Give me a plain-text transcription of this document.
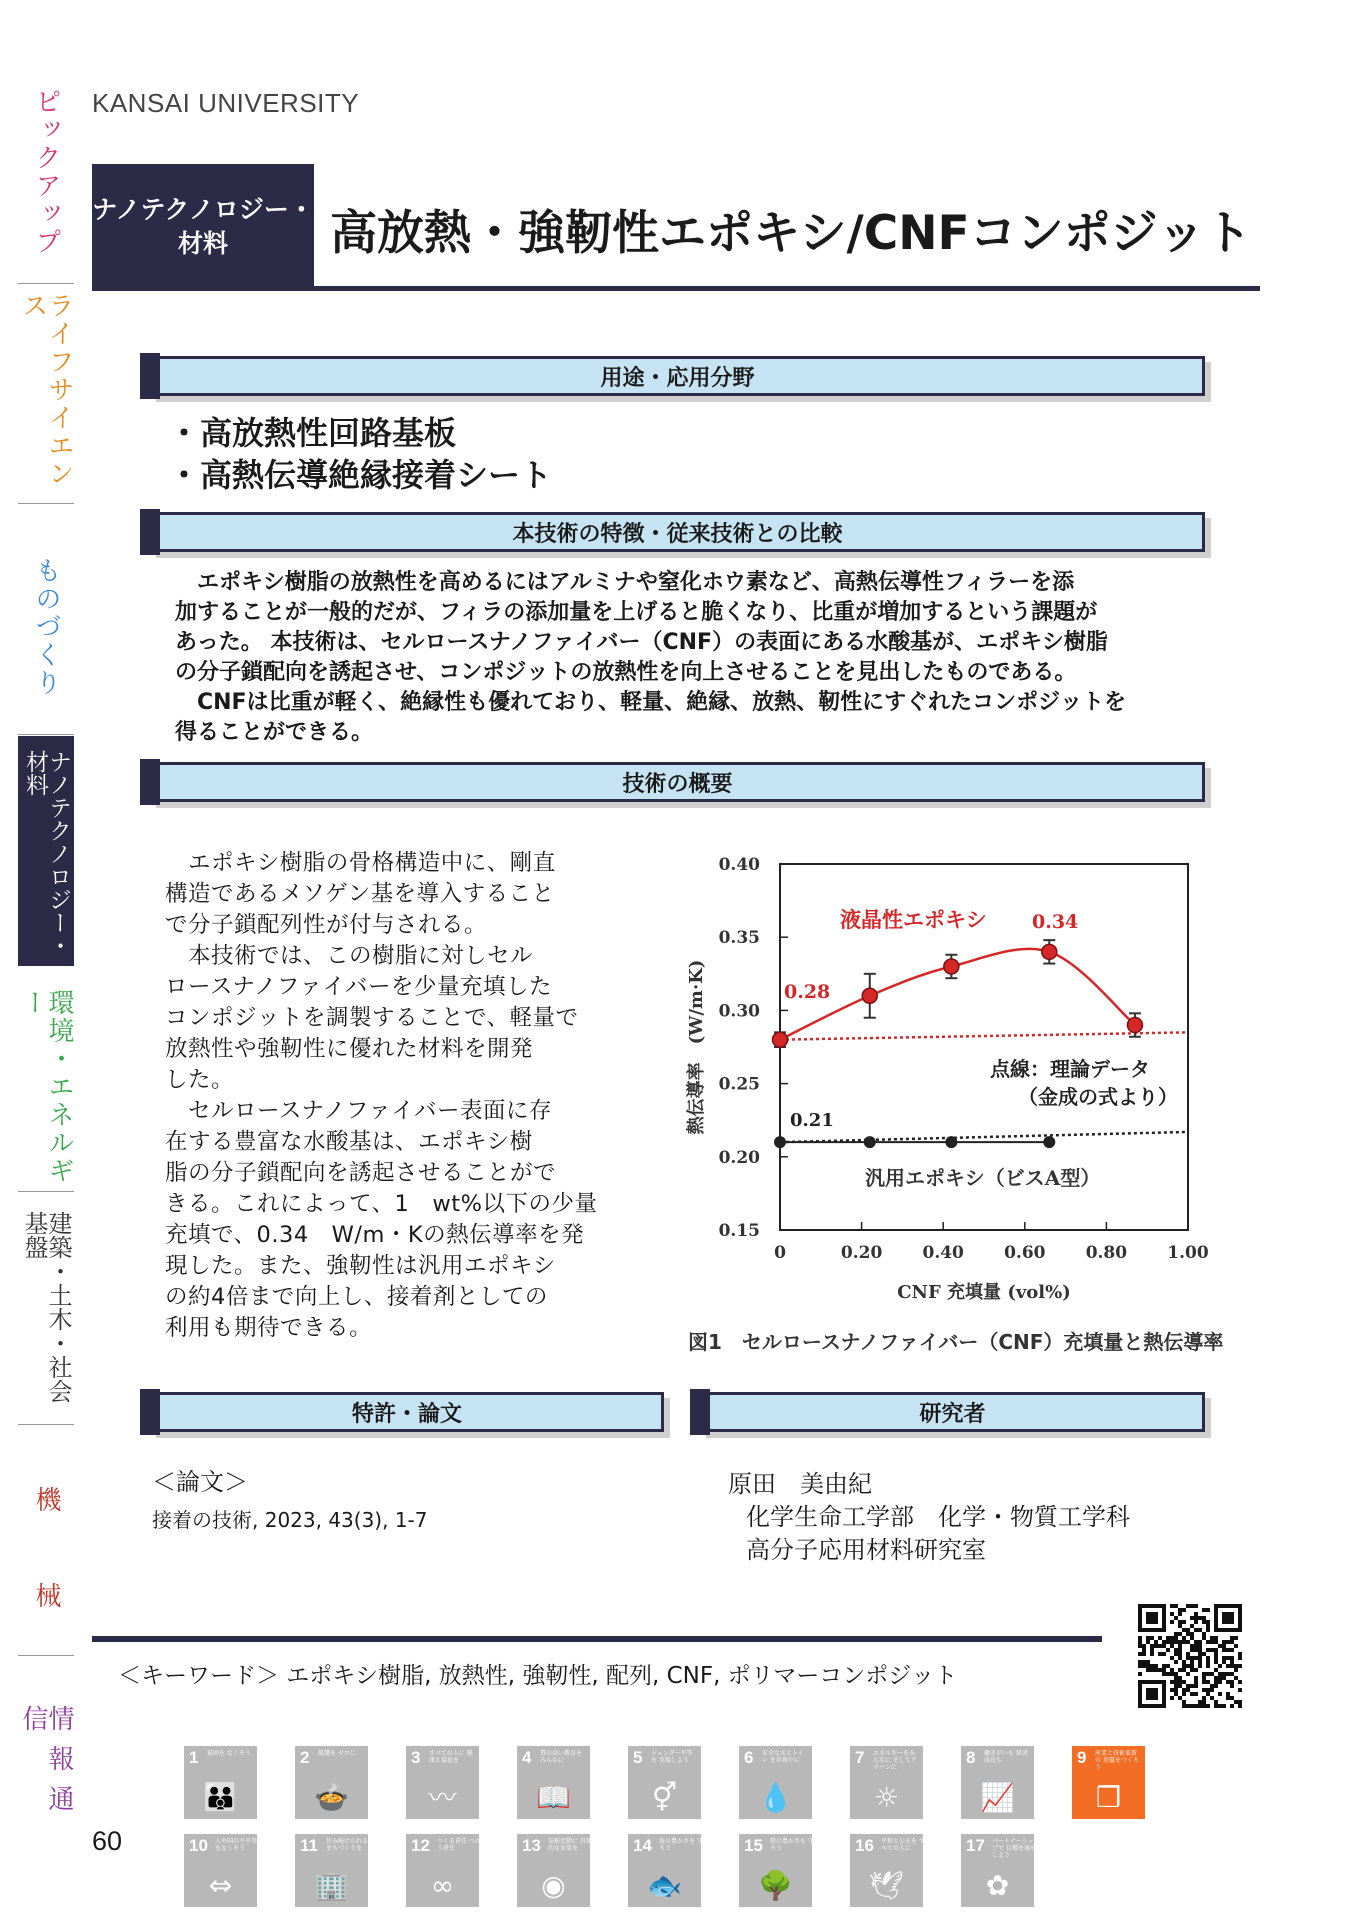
ピックアップ
ライフサイエンス
ものづくり
ナノテクノロジー・材料
環境・エネルギー
建築・土木・社会基盤
機　械
情報通信
KANSAI UNIVERSITY
ナノテクノロジー・
材料 高放熱・強靭性エポキシ/CNFコンポジット
用途・応用分野
・高放熱性回路基板
・高熱伝導絶縁接着シート
本技術の特徴・従来技術との比較
　エポキシ樹脂の放熱性を高めるにはアルミナや窒化ホウ素など、高熱伝導性フィラーを添
加することが一般的だが、フィラの添加量を上げると脆くなり、比重が増加するという課題が
あった。 本技術は、セルロースナノファイバー（CNF）の表面にある水酸基が、エポキシ樹脂
の分子鎖配向を誘起させ、コンポジットの放熱性を向上させることを見出したものである。
　CNFは比重が軽く、絶縁性も優れており、軽量、絶縁、放熱、靭性にすぐれたコンポジットを
得ることができる。
技術の概要
　エポキシ樹脂の骨格構造中に、剛直
構造であるメソゲン基を導入すること
で分子鎖配列性が付与される。
　本技術では、この樹脂に対しセル
ロースナノファイバーを少量充填した
コンポジットを調製することで、軽量で
放熱性や強靭性に優れた材料を開発
した。
　セルロースナノファイバー表面に存
在する豊富な水酸基は、エポキシ樹
脂の分子鎖配向を誘起させることがで
きる。これによって、1　wt%以下の少量
充填で、0.34　W/m・Kの熱伝導率を発
現した。また、強靭性は汎用エポキシ
の約4倍まで向上し、接着剤としての
利用も期待できる。
0	0.20 0.40 0.60 0.80 1.00
0.15
0.20
0.25
0.30
0.35
0.40
CNF 充填量 (vol%)
熱伝導率　(W/m·K)
液晶性エポキシ
0.28
0.34
0.21
点線：理論データ
（金成の式より）
汎用エポキシ（ビスA型）
図1　セルロースナノファイバー（CNF）充填量と熱伝導率
特許・論文
＜論文＞
接着の技術, 2023, 43(3), 1-7
研究者
原田　美由紀
化学生命工学部　化学・物質工学科
高分子応用材料研究室
＜キーワード＞ エポキシ樹脂, 放熱性, 強靭性, 配列, CNF, ポリマーコンポジット
1 貧困を なくそう
👪
2 飢餓を ゼロに
🍲
3 すべての人に 健康と福祉を
〰
4 質の高い教育を みんなに
📖
5 ジェンダー平等を 実現しよう
⚥
6 安全な水とトイレ を世界中に
💧
7 エネルギーをみんなに そしてクリーンに
☼
8 働きがいも 経済成長も
📈
9 産業と技術革新の 基盤をつくろう
❒
10 人や国の不平等 をなくそう
⇔
11 住み続けられる まちづくりを
🏢
12 つくる責任 つかう責任
∞
13 気候変動に 具体的な対策を
◉
14 海の豊かさを 守ろう
🐟
15 陸の豊かさも 守ろう
🌳
16 平和と公正を すべての人に
🕊
17 パートナーシップで 目標を達成しよう
✿
60
